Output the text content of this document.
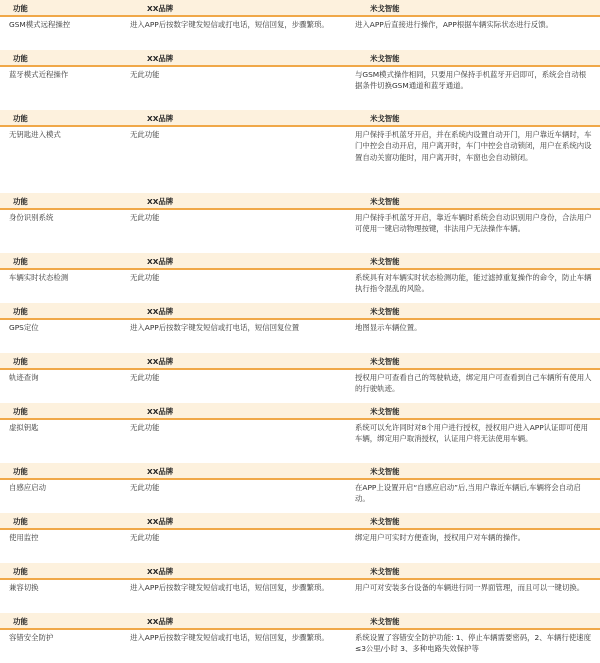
功能	XX品牌	米戈智能
GSM模式远程操控	进入APP后按数字键发短信或打电话，短信回复，步骤繁琐。	进入APP后直接进行操作，APP根据车辆实际状态进行反馈。
功能	XX品牌	米戈智能
蓝牙模式近程操作	无此功能	与GSM模式操作相同，只要用户保持手机蓝牙开启即可，系统会自动根据条件切换GSM通道和蓝牙通道。
功能	XX品牌	米戈智能
无钥匙进入模式	无此功能	用户保持手机蓝牙开启，并在系统内设置自动开门，用户靠近车辆时，车门中控会自动开启，用户离开时，车门中控会自动锁闭，用户在系统内设置自动关窗功能时，用户离开时，车窗也会自动锁闭。
功能	XX品牌	米戈智能
身份识别系统	无此功能	用户保持手机蓝牙开启，靠近车辆时系统会自动识别用户身份，合法用户可使用一键启动物理按键，非法用户无法操作车辆。
功能	XX品牌	米戈智能
车辆实时状态检测	无此功能	系统具有对车辆实时状态检测功能，能过滤掉重复操作的命令，防止车辆执行指令混乱的风险。
功能	XX品牌	米戈智能
GPS定位	进入APP后按数字键发短信或打电话，短信回复位置	地图显示车辆位置。
功能	XX品牌	米戈智能
轨迹查询	无此功能	授权用户可查看自己的驾驶轨迹，绑定用户可查看到自己车辆所有使用人的行驶轨迹。
功能	XX品牌	米戈智能
虚拟钥匙	无此功能	系统可以允许同时对8个用户进行授权，授权用户进入APP认证即可使用车辆，绑定用户取消授权，认证用户将无法使用车辆。
功能	XX品牌	米戈智能
自感应启动	无此功能	在APP上设置开启“自感应启动”后,当用户靠近车辆后,车辆将会自动启动。
功能	XX品牌	米戈智能
使用监控	无此功能	绑定用户可实时方便查询，授权用户对车辆的操作。
功能	XX品牌	米戈智能
兼容切换	进入APP后按数字键发短信或打电话，短信回复，步骤繁琐。	用户可对安装多台设备的车辆进行同一界面管理，而且可以一键切换。
功能	XX品牌	米戈智能
容错安全防护	进入APP后按数字键发短信或打电话，短信回复，步骤繁琐。	系统设置了容错安全防护功能: 1、停止车辆需要密码，2、车辆行使速度≤3公里/小时 3、多种电路失效保护等
